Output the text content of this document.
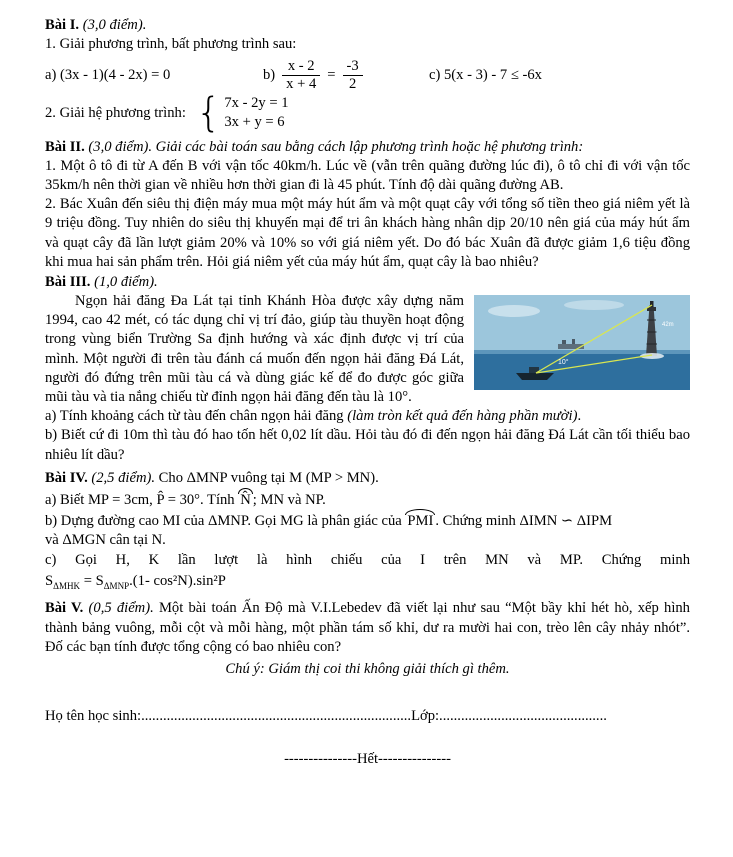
Bài I. (3,0 điểm).

1. Giải phương trình, bất phương trình sau:

a) (3x - 1)(4 - 2x) = 0	$b) \frac{x - 2}{x + 4} = \frac{-3}{2}$	c) 5(x - 3) - 7 ≤ -6x
2. Giải hệ phương trình: { 7x - 2y = 1
3x + y = 6

Bài II. (3,0 điểm). Giải các bài toán sau bằng cách lập phương trình hoặc hệ phương trình:

1. Một ô tô đi từ A đến B với vận tốc 40km/h. Lúc về (vẫn trên quãng đường lúc đi), ô tô chỉ đi với vận tốc 35km/h nên thời gian về nhiều hơn thời gian đi là 45 phút. Tính độ dài quãng đường AB.

2. Bác Xuân đến siêu thị điện máy mua một máy hút ẩm và một quạt cây với tổng số tiền theo giá niêm yết là 9 triệu đồng. Tuy nhiên do siêu thị khuyến mại để tri ân khách hàng nhân dịp 20/10 nên giá của máy hút ẩm và quạt cây đã lần lượt giảm 20% và 10% so với giá niêm yết. Do đó bác Xuân đã được giảm 1,6 tiệu đồng khi mua hai sản phẩm trên. Hỏi giá niêm yết của máy hút ẩm, quạt cây là bao nhiêu?

Bài III. (1,0 điểm).

10°
42m

Ngọn hải đăng Đa Lát tại tỉnh Khánh Hòa được xây dựng năm 1994, cao 42 mét, có tác dụng chỉ vị trí đảo, giúp tàu thuyền hoạt động trong vùng biển Trường Sa định hướng và xác định được vị trí của mình. Một người đi trên tàu đánh cá muốn đến ngọn hải đăng Đá Lát, người đó đứng trên mũi tàu cá và dùng giác kế để đo được góc giữa mũi tàu và tia nắng chiếu từ đỉnh ngọn hải đăng đến tàu là 10°.

a) Tính khoảng cách từ tàu đến chân ngọn hải đăng (làm tròn kết quả đến hàng phần mười).

b) Biết cứ đi 10m thì tàu đó hao tốn hết 0,02 lít dầu. Hỏi tàu đó đi đến ngọn hải đăng Đá Lát cần tối thiểu bao nhiêu lít dầu?

Bài IV. (2,5 điểm). Cho ΔMNP vuông tại M (MP > MN).

a) Biết MP = 3cm, P̂ = 30°. Tính N̂ ; MN và NP.

b) Dựng đường cao MI của ΔMNP. Gọi MG là phân giác của PMI . Chứng minh ΔIMN ∽ ΔIPM

và ΔMGN cân tại N.

c) Gọi H, K lần lượt là hình chiếu của I trên MN và MP. Chứng minh

$S_{\Delta MHK} = S_{\Delta MNP}.(1-$ cos²N).sin²P

Bài V. (0,5 điểm). Một bài toán Ấn Độ mà V.I.Lebedev đã viết lại như sau “Một bầy khỉ hét hò, xếp hình thành bảng vuông, mỗi cột và mỗi hàng, một phần tám số khỉ, dư ra mười hai con, trèo lên cây nhảy nhót”. Đố các bạn tính được tổng cộng có bao nhiêu con?

Chú ý: Giám thị coi thi không giải thích gì thêm.

Họ tên học sinh:..........................................................................Lớp:..............................................

---------------Hết---------------
